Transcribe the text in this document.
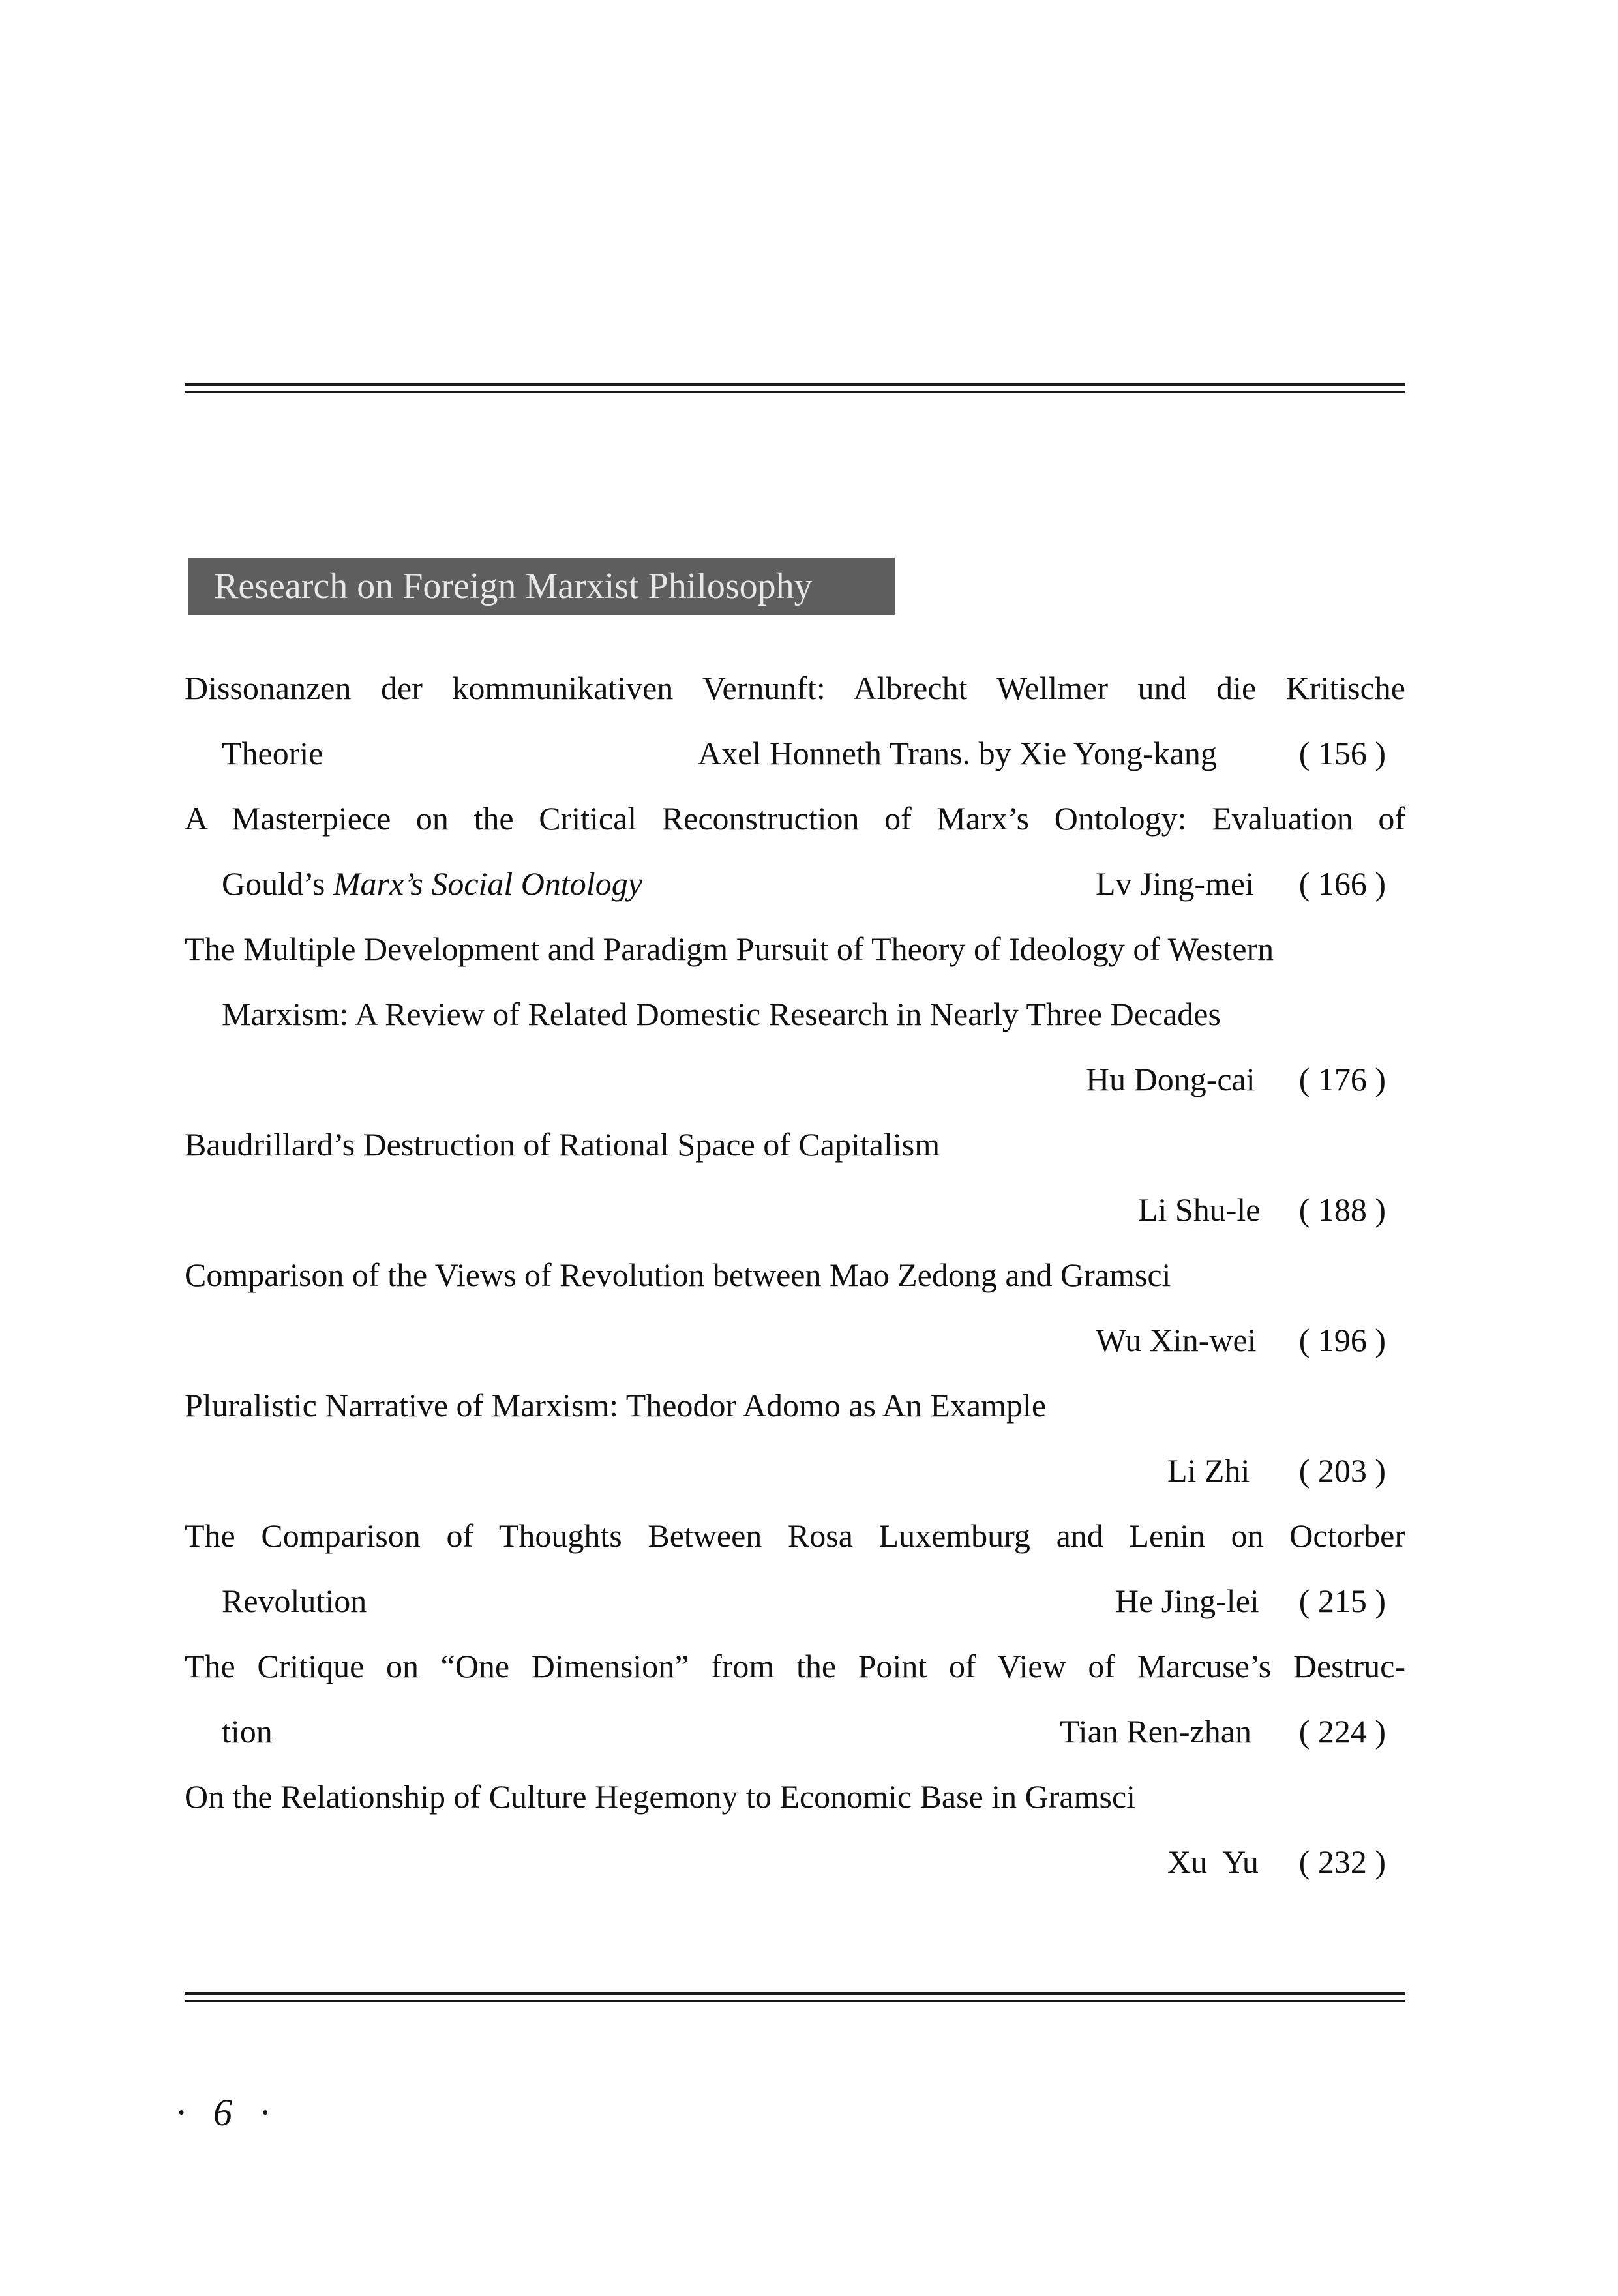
Research on Foreign Marxist Philosophy
Dissonanzen der kommunikativen Vernunft: Albrecht Wellmer und die Kritische
Theorie	Axel Honneth Trans. by Xie Yong-kang	( 156 )
A Masterpiece on the Critical Reconstruction of Marx’s Ontology: Evaluation of
Gould’s Marx’s Social Ontology	Lv Jing-mei ( 166 )
The Multiple Development and Paradigm Pursuit of Theory of Ideology of Western
Marxism: A Review of Related Domestic Research in Nearly Three Decades
Hu Dong-cai ( 176 )
Baudrillard’s Destruction of Rational Space of Capitalism
Li Shu-le ( 188 )
Comparison of the Views of Revolution between Mao Zedong and Gramsci
Wu Xin-wei ( 196 )
Pluralistic Narrative of Marxism: Theodor Adomo as An Example
Li Zhi ( 203 )
The Comparison of Thoughts Between Rosa Luxemburg and Lenin on Octorber
Revolution	He Jing-lei ( 215 )
The Critique on “One Dimension” from the Point of View of Marcuse’s Destruc-
tion	Tian Ren-zhan ( 224 )
On the Relationship of Culture Hegemony to Economic Base in Gramsci
Xu  Yu ( 232 )
· 6 ·
